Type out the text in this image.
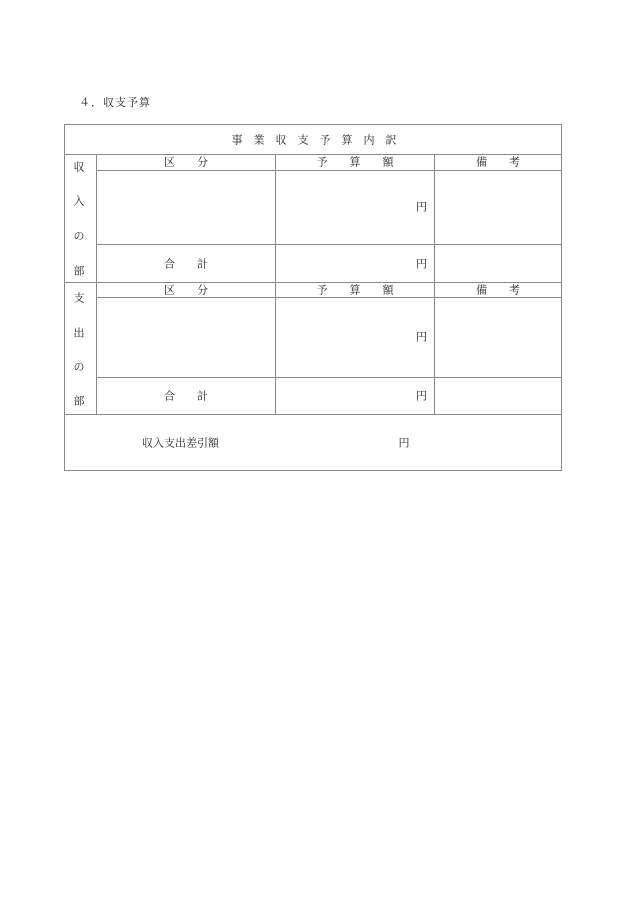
４．収支予算
事　業　収　支　予　算　内　訳
収
入
の
部
区　　分	予　　算　　額	備　　考
円
合　　計	円
支
出
の
部
区　　分	予　　算　　額	備　　考
円
合　　計	円
収入支出差引額	円
